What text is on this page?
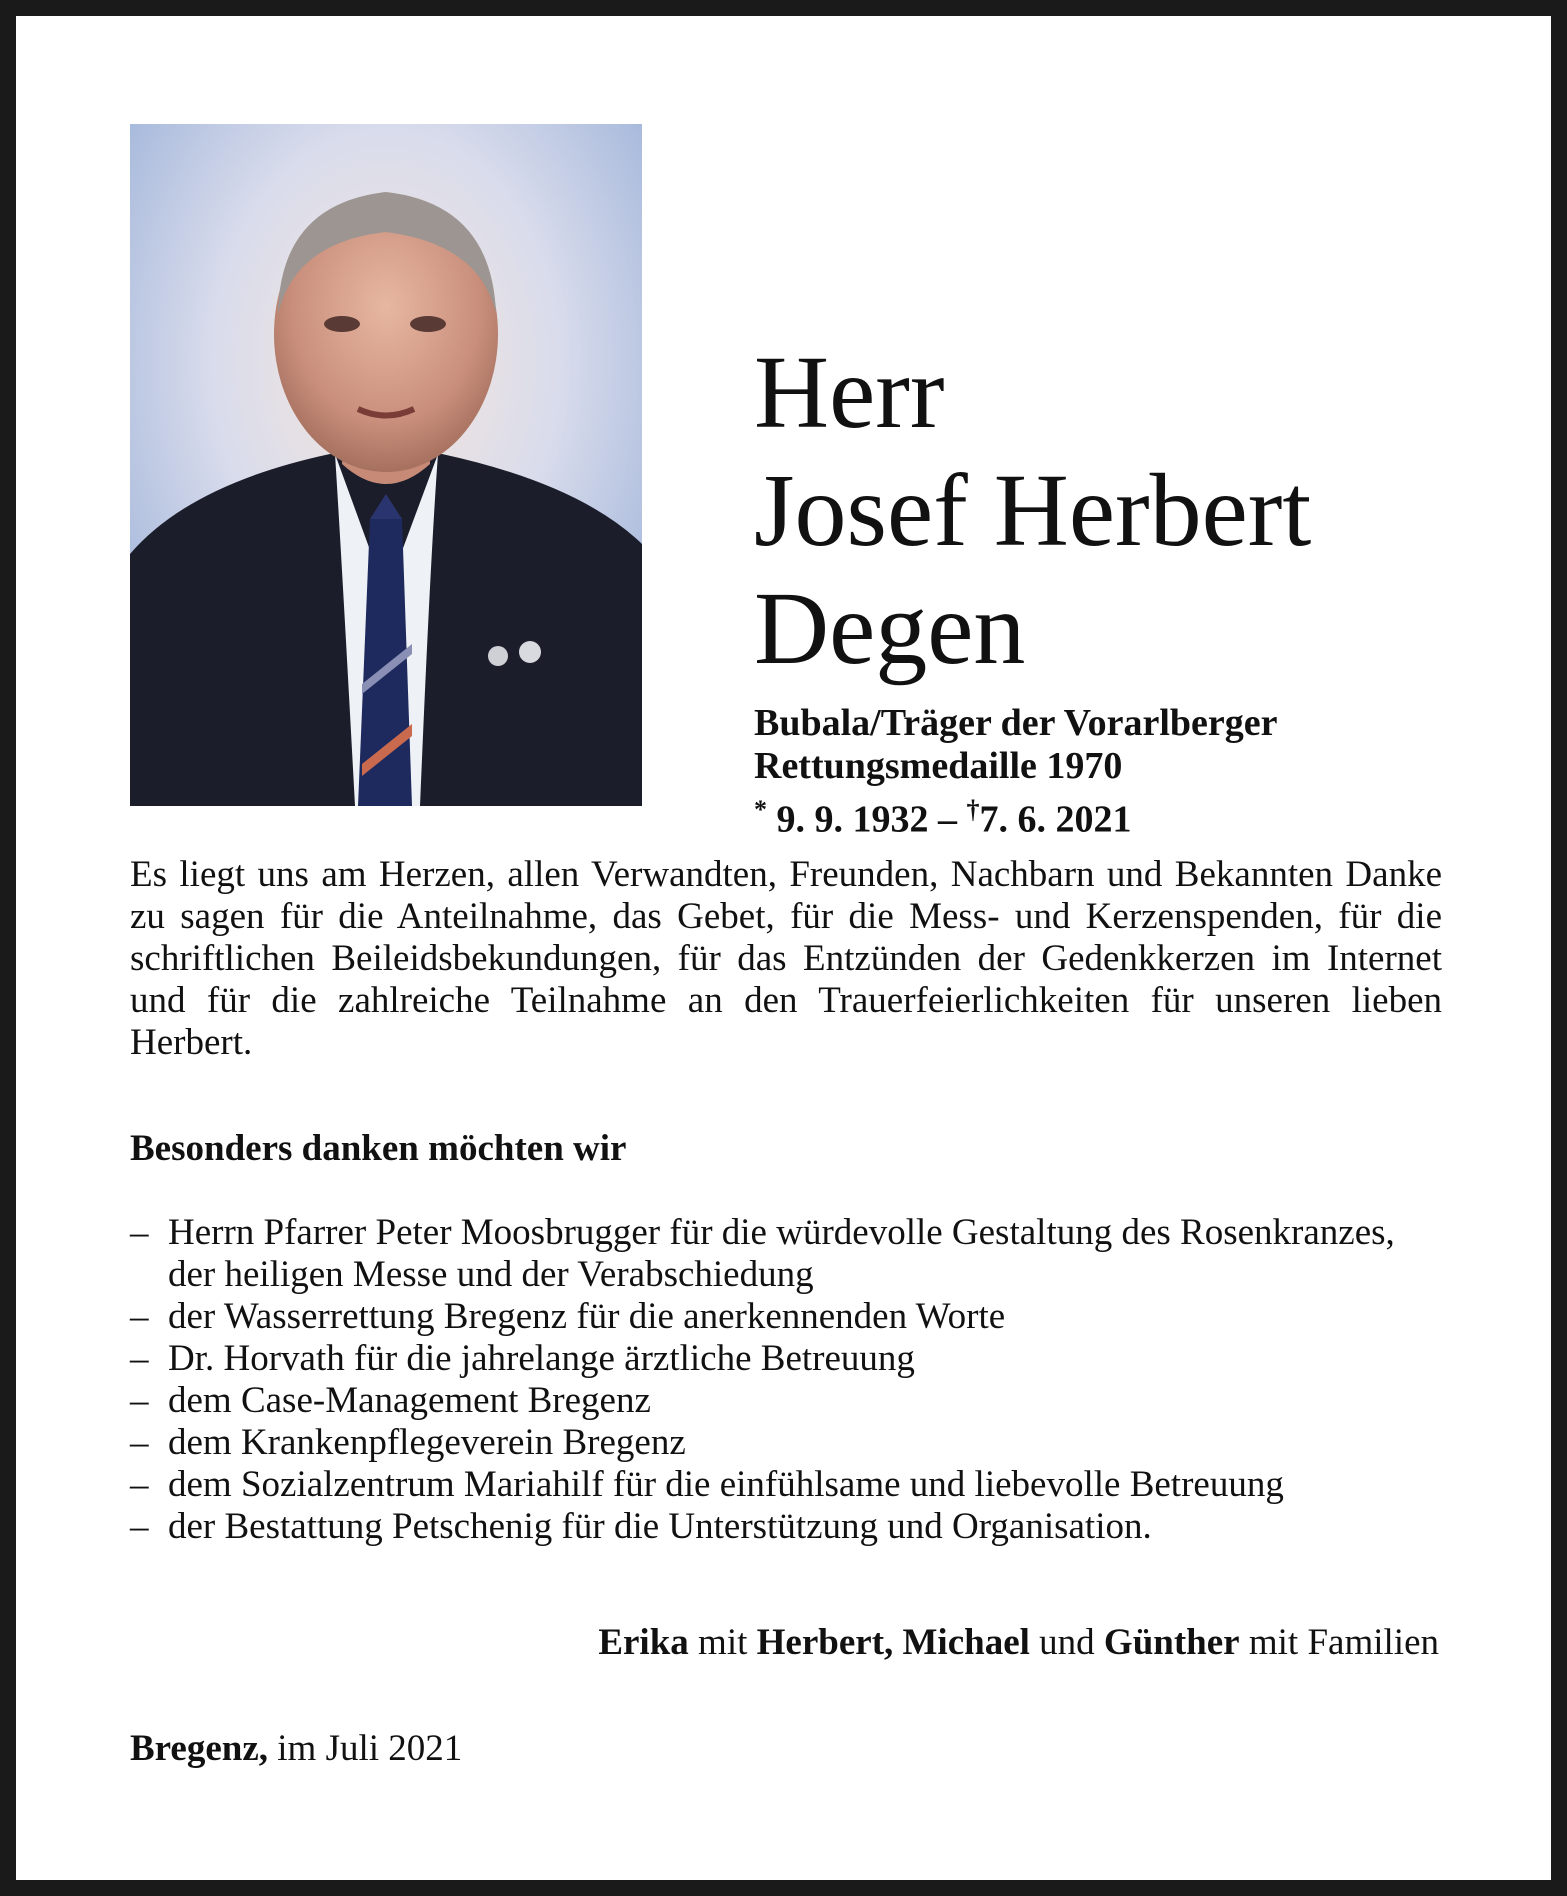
Herr
Josef Herbert
Degen
Bubala/Träger der Vorarlberger
Rettungsmedaille 1970
* 9. 9. 1932 – †7. 6. 2021

Es liegt uns am Herzen, allen Verwandten, Freunden, Nachbarn und Bekannten Danke zu sagen für die Anteilnahme, das Gebet, für die Mess- und Kerzenspenden, für die schriftlichen Beileidsbekundungen, für das Entzünden der Gedenkkerzen im Internet und für die zahlreiche Teilnahme an den Trauerfeierlichkeiten für unseren lieben Herbert.

Besonders danken möchten wir
– Herrn Pfarrer Peter Moosbrugger für die würdevolle Gestaltung des Rosenkranzes, der heiligen Messe und der Verabschiedung
– der Wasserrettung Bregenz für die anerkennenden Worte
– Dr. Horvath für die jahrelange ärztliche Betreuung
– dem Case-Management Bregenz
– dem Krankenpflegeverein Bregenz
– dem Sozialzentrum Mariahilf für die einfühlsame und liebevolle Betreuung
– der Bestattung Petschenig für die Unterstützung und Organisation.
Erika mit Herbert, Michael und Günther mit Familien
Bregenz, im Juli 2021
